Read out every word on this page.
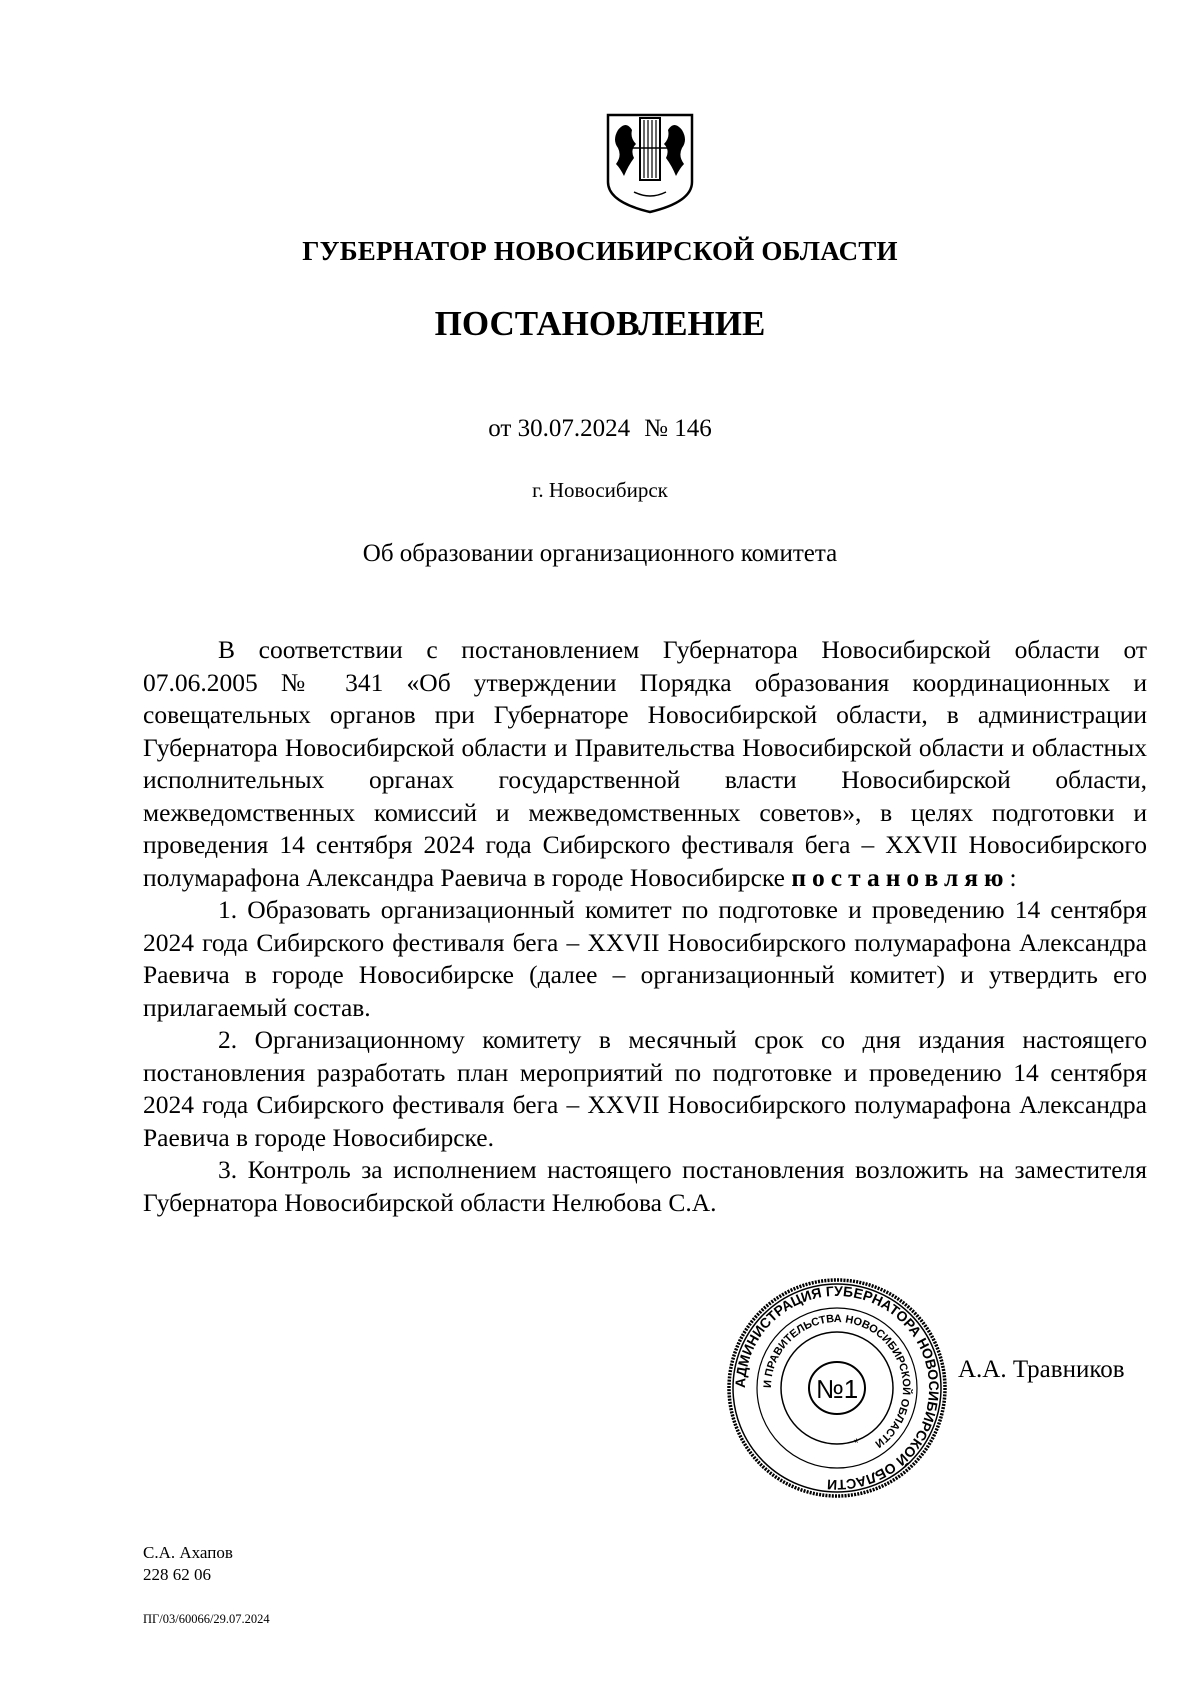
ГУБЕРНАТОР НОВОСИБИРСКОЙ ОБЛАСТИ
ПОСТАНОВЛЕНИЕ
от 30.07.2024 № 146
г. Новосибирск
Об образовании организационного комитета

В соответствии с постановлением Губернатора Новосибирской области от 07.06.2005 № 341 «Об утверждении Порядка образования координационных и совещательных органов при Губернаторе Новосибирской области, в администрации Губернатора Новосибирской области и Правительства Новосибирской области и областных исполнительных органах государственной власти Новосибирской области, межведомственных комиссий и межведомственных советов», в целях подготовки и проведения 14 сентября 2024 года Сибирского фестиваля бега – XXVII Новосибирского полумарафона Александра Раевича в городе Новосибирске постановляю:

1. Образовать организационный комитет по подготовке и проведению 14 сентября 2024 года Сибирского фестиваля бега – XXVII Новосибирского полумарафона Александра Раевича в городе Новосибирске (далее – организационный комитет) и утвердить его прилагаемый состав.

2. Организационному комитету в месячный срок со дня издания настоящего постановления разработать план мероприятий по подготовке и проведению 14 сентября 2024 года Сибирского фестиваля бега – XXVII Новосибирского полумарафона Александра Раевича в городе Новосибирске.

3. Контроль за исполнением настоящего постановления возложить на заместителя Губернатора Новосибирской области Нелюбова С.А.

АДМИНИСТРАЦИЯ ГУБЕРНАТОРА НОВОСИБИРСКОЙ ОБЛАСТИ
И ПРАВИТЕЛЬСТВА НОВОСИБИРСКОЙ ОБЛАСТИ
№1
*
А.А. Травников
С.А. Ахапов
228 62 06
ПГ/03/60066/29.07.2024
